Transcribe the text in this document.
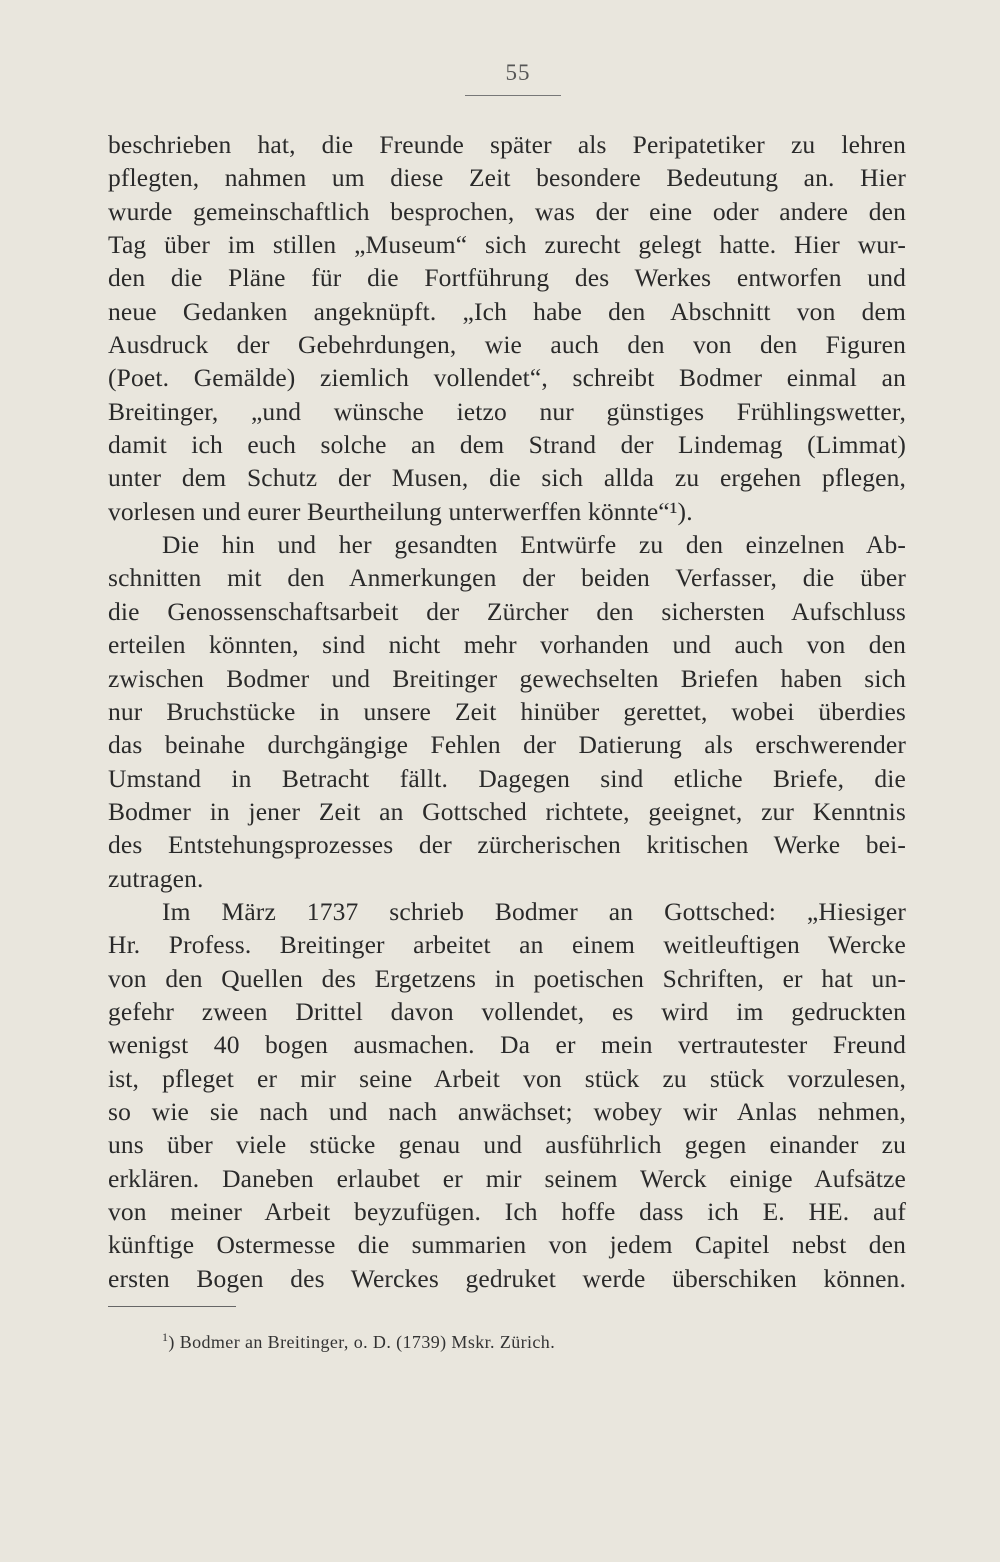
55
beschrieben hat, die Freunde später als Peripatetiker zu lehren
pflegten, nahmen um diese Zeit besondere Bedeutung an. Hier
wurde gemeinschaftlich besprochen, was der eine oder andere den
Tag über im stillen „Museum“ sich zurecht gelegt hatte. Hier wur-
den die Pläne für die Fortführung des Werkes entworfen und
neue Gedanken angeknüpft. „Ich habe den Abschnitt von dem
Ausdruck der Gebehrdungen, wie auch den von den Figuren
(Poet. Gemälde) ziemlich vollendet“, schreibt Bodmer einmal an
Breitinger, „und wünsche ietzo nur günstiges Frühlingswetter,
damit ich euch solche an dem Strand der Lindemag (Limmat)
unter dem Schutz der Musen, die sich allda zu ergehen pflegen,
vorlesen und eurer Beurtheilung unterwerffen könnte“¹).
Die hin und her gesandten Entwürfe zu den einzelnen Ab-
schnitten mit den Anmerkungen der beiden Verfasser, die über
die Genossenschaftsarbeit der Zürcher den sichersten Aufschluss
erteilen könnten, sind nicht mehr vorhanden und auch von den
zwischen Bodmer und Breitinger gewechselten Briefen haben sich
nur Bruchstücke in unsere Zeit hinüber gerettet, wobei überdies
das beinahe durchgängige Fehlen der Datierung als erschwerender
Umstand in Betracht fällt. Dagegen sind etliche Briefe, die
Bodmer in jener Zeit an Gottsched richtete, geeignet, zur Kenntnis
des Entstehungsprozesses der zürcherischen kritischen Werke bei-
zutragen.
Im März 1737 schrieb Bodmer an Gottsched: „Hiesiger
Hr. Profess. Breitinger arbeitet an einem weitleuftigen Wercke
von den Quellen des Ergetzens in poetischen Schriften, er hat un-
gefehr zween Drittel davon vollendet, es wird im gedruckten
wenigst 40 bogen ausmachen. Da er mein vertrautester Freund
ist, pfleget er mir seine Arbeit von stück zu stück vorzulesen,
so wie sie nach und nach anwächset; wobey wir Anlas nehmen,
uns über viele stücke genau und ausführlich gegen einander zu
erklären. Daneben erlaubet er mir seinem Werck einige Aufsätze
von meiner Arbeit beyzufügen. Ich hoffe dass ich E. HE. auf
künftige Ostermesse die summarien von jedem Capitel nebst den
ersten Bogen des Werckes gedruket werde überschiken können.
$^1$) Bodmer an Breitinger, o. D. (1739) Mskr. Zürich.
